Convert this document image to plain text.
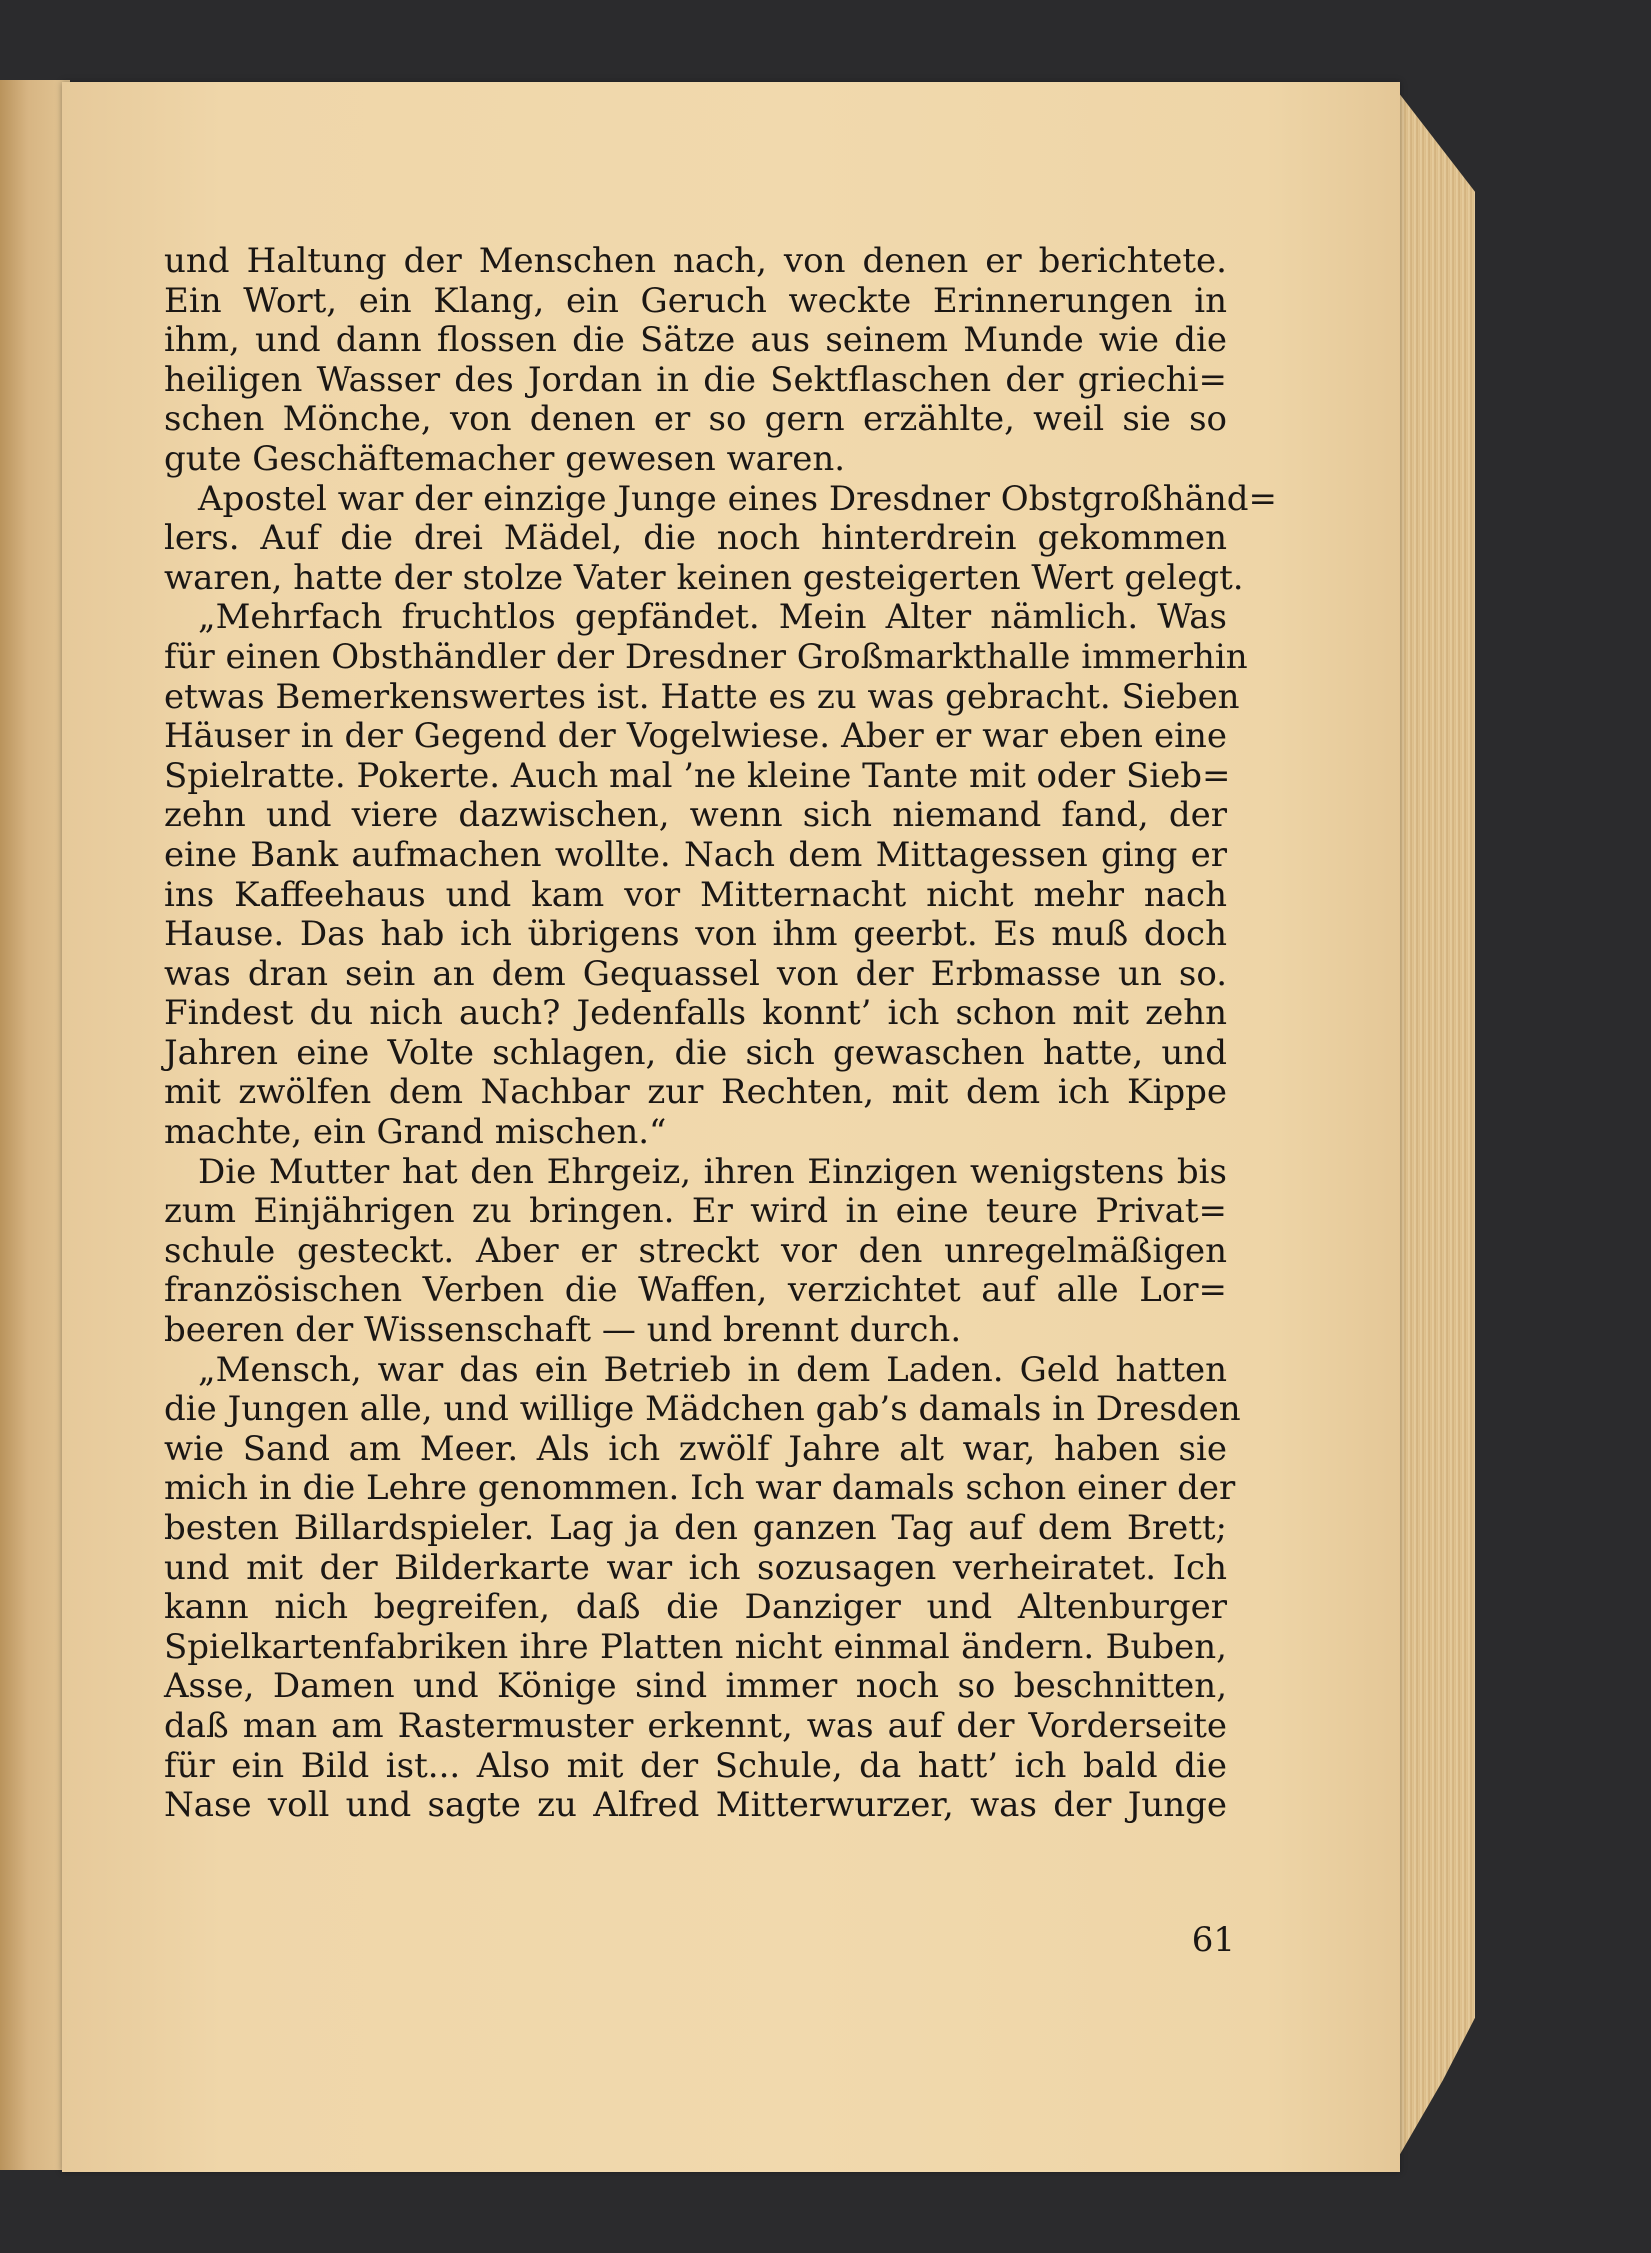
und Haltung der Menschen nach, von denen er berichtete.
Ein Wort, ein Klang, ein Geruch weckte Erinnerungen in
ihm, und dann flossen die Sätze aus seinem Munde wie die
heiligen Wasser des Jordan in die Sektflaschen der griechi=
schen Mönche, von denen er so gern erzählte, weil sie so
gute Geschäftemacher gewesen waren.
Apostel war der einzige Junge eines Dresdner Obstgroßhänd=
lers. Auf die drei Mädel, die noch hinterdrein gekommen
waren, hatte der stolze Vater keinen gesteigerten Wert gelegt.
„Mehrfach fruchtlos gepfändet. Mein Alter nämlich. Was
für einen Obsthändler der Dresdner Großmarkthalle immerhin
etwas Bemerkenswertes ist. Hatte es zu was gebracht. Sieben
Häuser in der Gegend der Vogelwiese. Aber er war eben eine
Spielratte. Pokerte. Auch mal ’ne kleine Tante mit oder Sieb=
zehn und viere dazwischen, wenn sich niemand fand, der
eine Bank aufmachen wollte. Nach dem Mittagessen ging er
ins Kaffeehaus und kam vor Mitternacht nicht mehr nach
Hause. Das hab ich übrigens von ihm geerbt. Es muß doch
was dran sein an dem Gequassel von der Erbmasse un so.
Findest du nich auch? Jedenfalls konnt’ ich schon mit zehn
Jahren eine Volte schlagen, die sich gewaschen hatte, und
mit zwölfen dem Nachbar zur Rechten, mit dem ich Kippe
machte, ein Grand mischen.“
Die Mutter hat den Ehrgeiz, ihren Einzigen wenigstens bis
zum Einjährigen zu bringen. Er wird in eine teure Privat=
schule gesteckt. Aber er streckt vor den unregelmäßigen
französischen Verben die Waffen, verzichtet auf alle Lor=
beeren der Wissenschaft — und brennt durch.
„Mensch, war das ein Betrieb in dem Laden. Geld hatten
die Jungen alle, und willige Mädchen gab’s damals in Dresden
wie Sand am Meer. Als ich zwölf Jahre alt war, haben sie
mich in die Lehre genommen. Ich war damals schon einer der
besten Billardspieler. Lag ja den ganzen Tag auf dem Brett;
und mit der Bilderkarte war ich sozusagen verheiratet. Ich
kann nich begreifen, daß die Danziger und Altenburger
Spielkartenfabriken ihre Platten nicht einmal ändern. Buben,
Asse, Damen und Könige sind immer noch so beschnitten,
daß man am Rastermuster erkennt, was auf der Vorderseite
für ein Bild ist... Also mit der Schule, da hatt’ ich bald die
Nase voll und sagte zu Alfred Mitterwurzer, was der Junge
61
